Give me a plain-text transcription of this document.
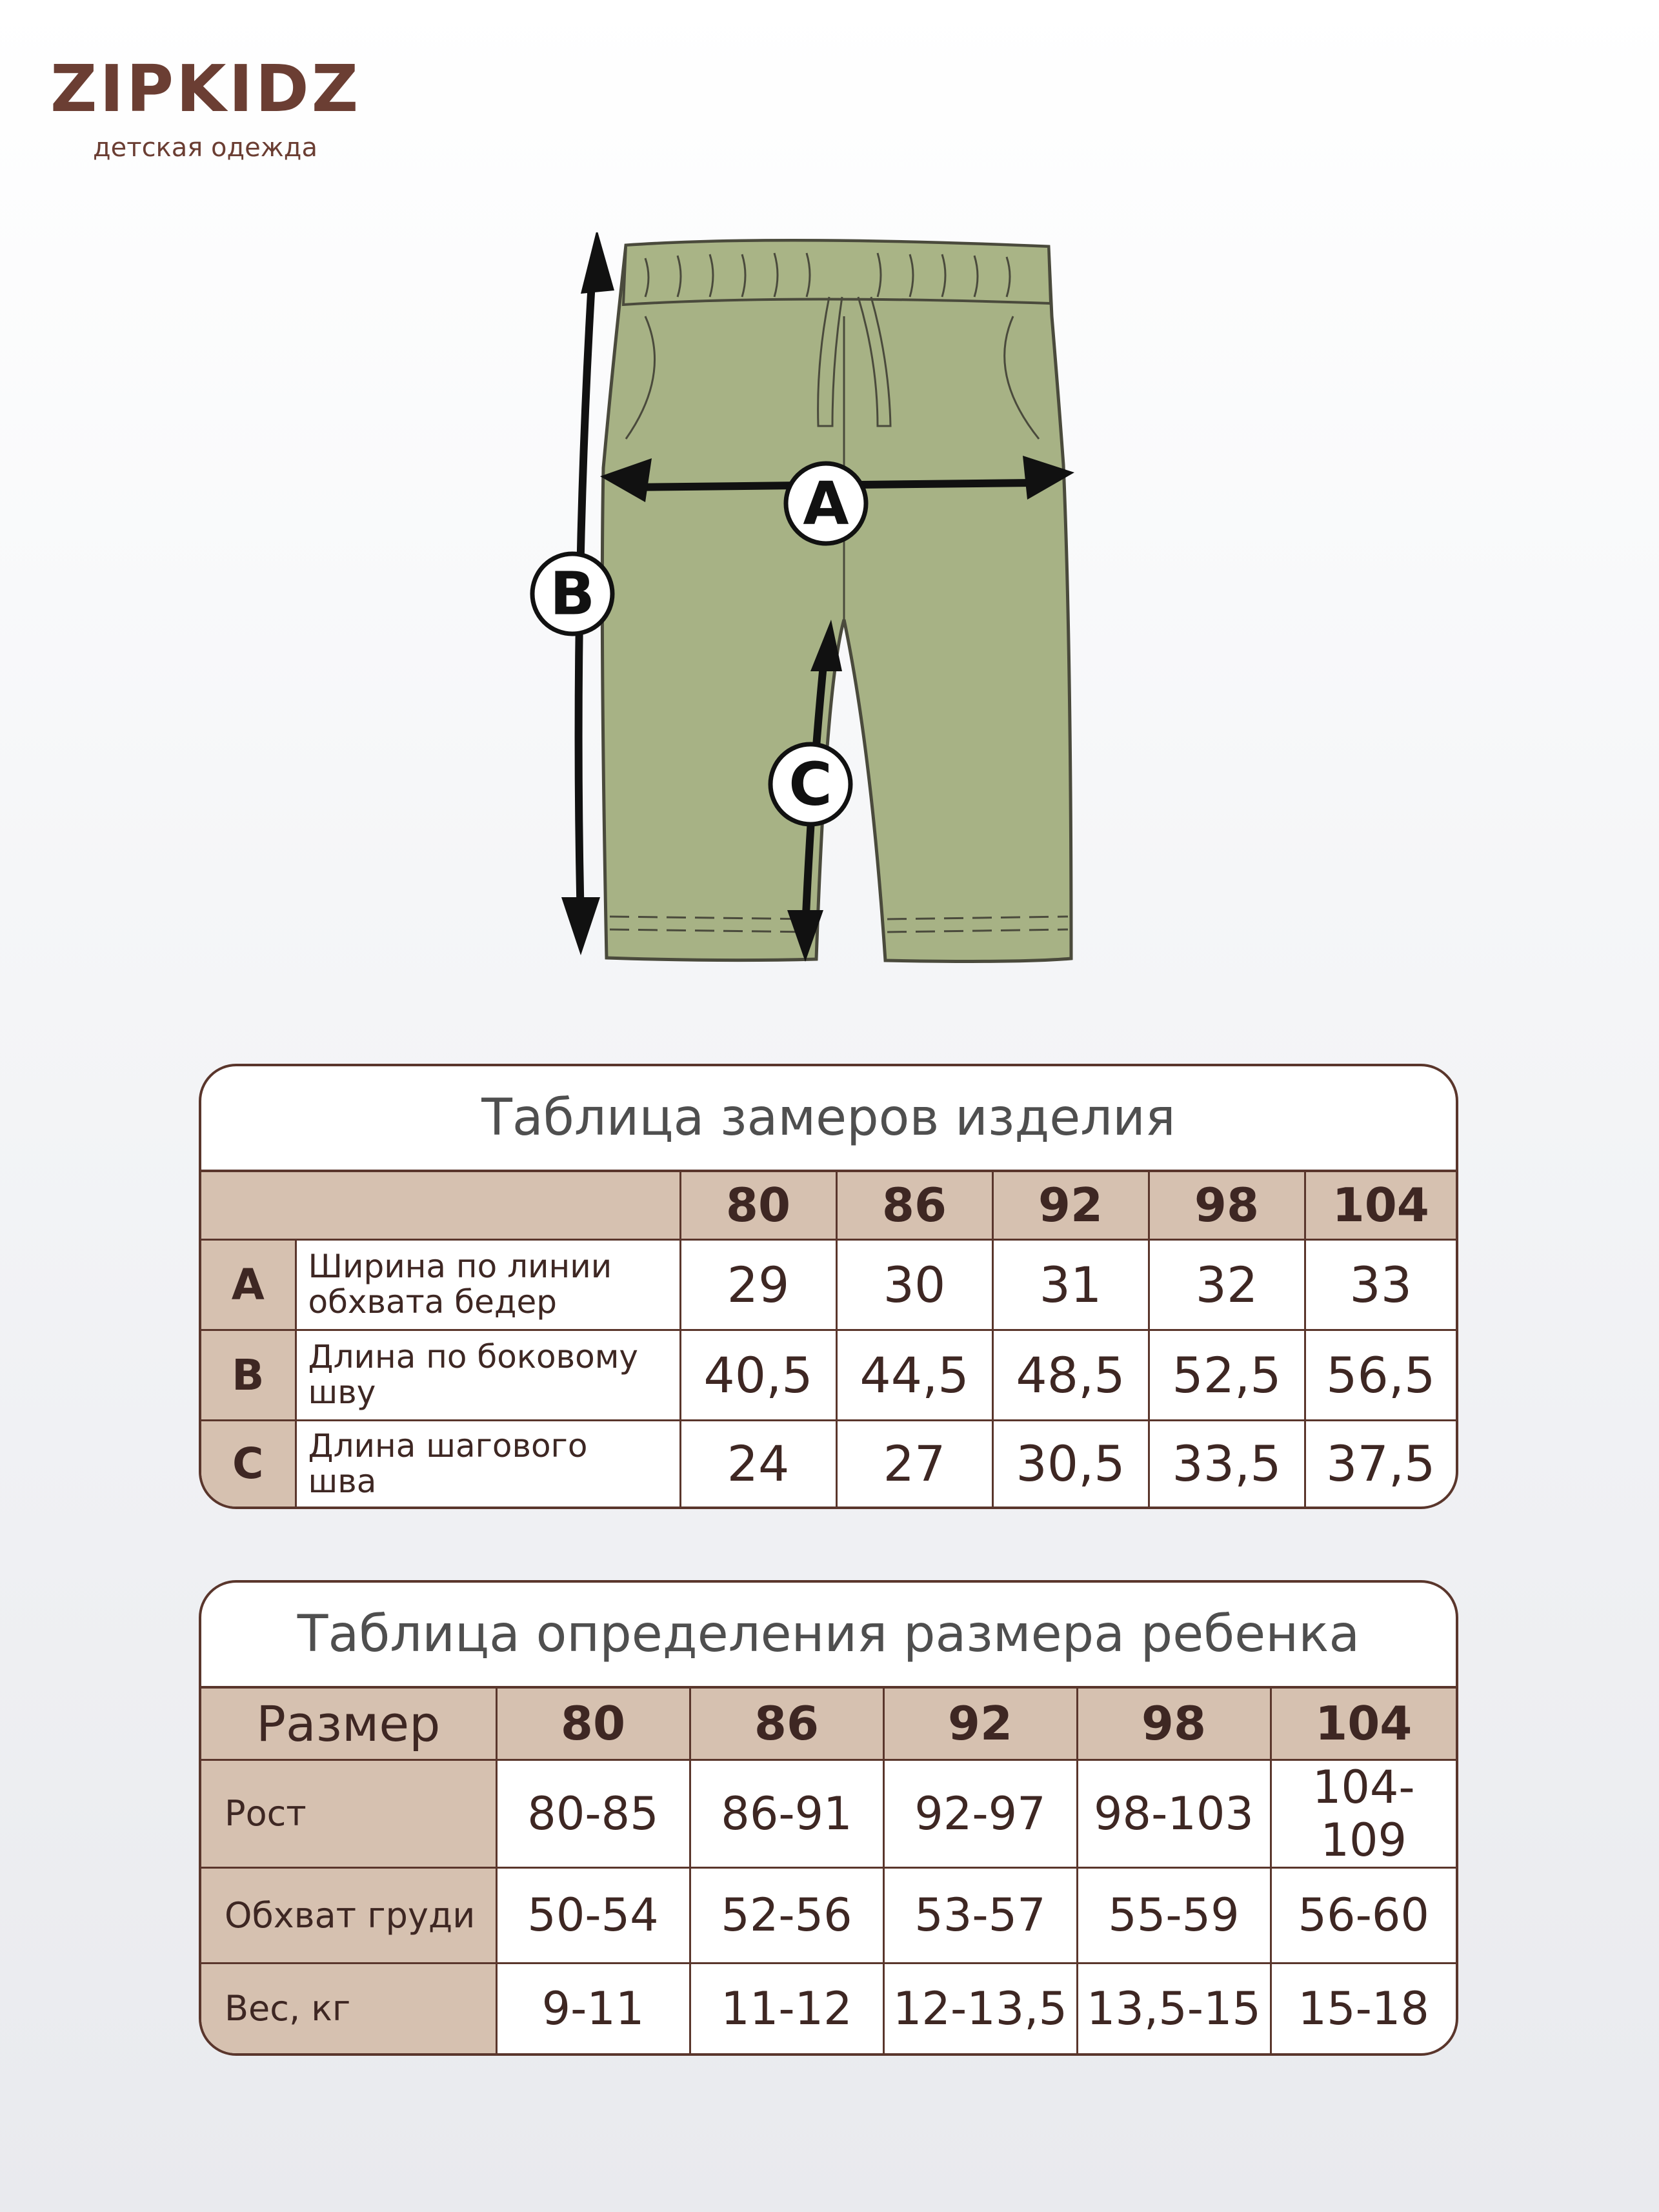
ZIPKIDZ
детская одежда
A
B
C
Таблица замеров изделия
		80	86	92	98	104
A	Ширина по линии
обхвата бедер	29	30	31	32	33
B	Длина по боковому
шву	40,5	44,5	48,5	52,5	56,5
C	Длина шагового
шва	24	27	30,5	33,5	37,5
Таблица определения размера ребенка
Размер	80	86	92	98	104
Рост	80-85	86-91	92-97	98-103	104-109
Обхват груди	50-54	52-56	53-57	55-59	56-60
Вес, кг	9-11	11-12	12-13,5	13,5-15	15-18
